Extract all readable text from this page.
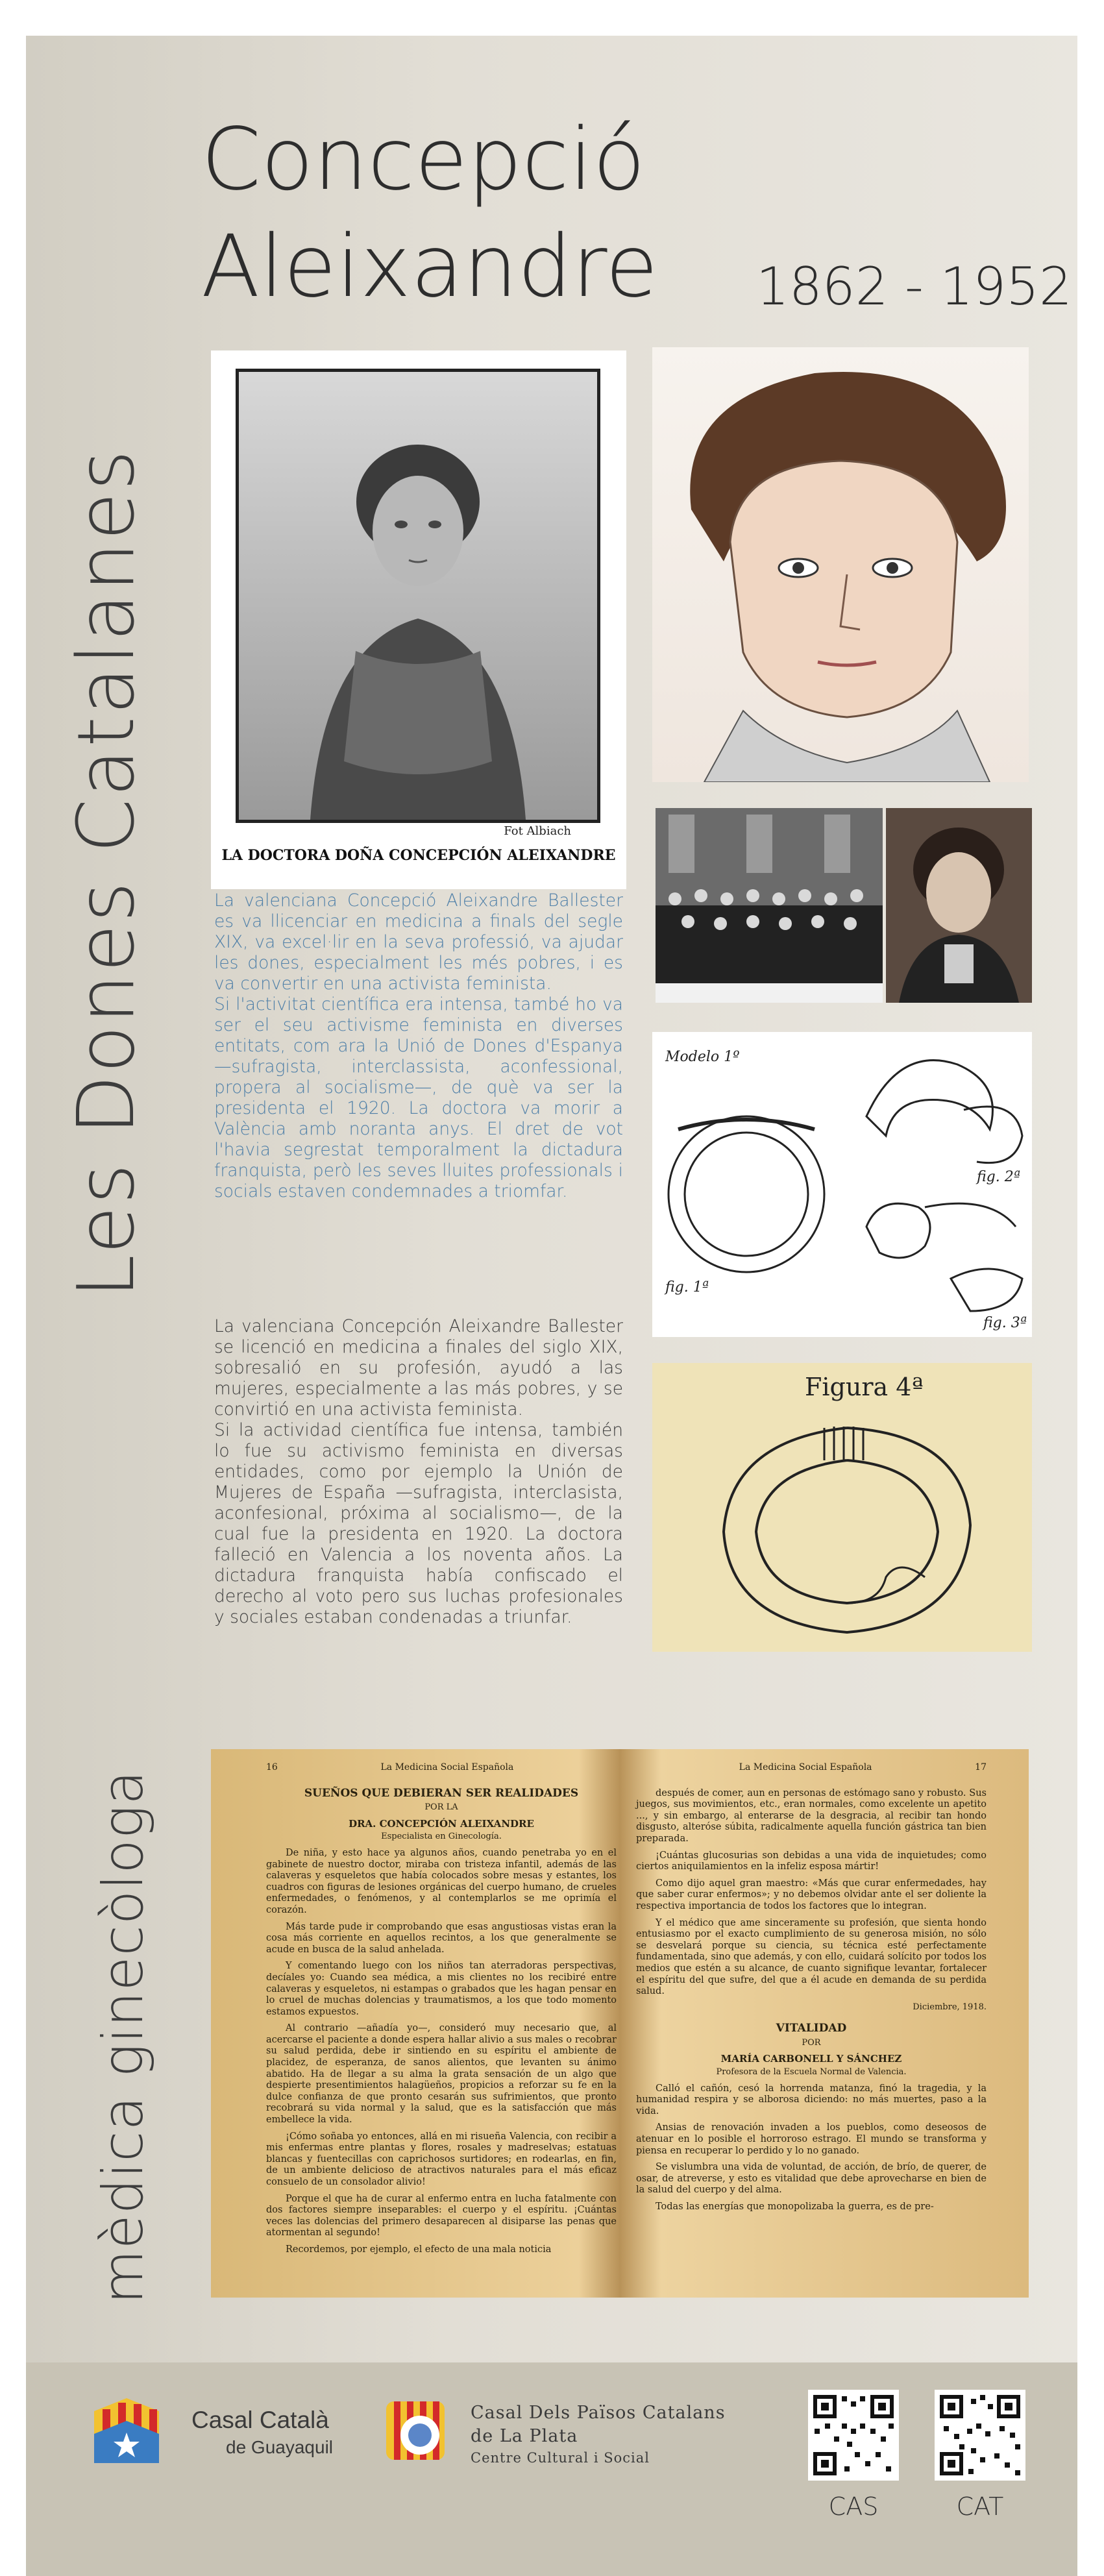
Les Dones Catalanes
mèdica ginecòloga
Concepció
Aleixandre 1862 - 1952
Fot Albiach
LA DOCTORA DOÑA CONCEPCIÓN ALEIXANDRE
Modelo 1º
fig. 1ª
fig. 2ª
fig. 3ª
Figura 4ª

La valenciana Concepció Aleixandre Ballester es va llicenciar en medicina a finals del segle XIX, va excel·lir en la seva professió, va ajudar les dones, especialment les més pobres, i es va convertir en una activista feminista.

Si l'activitat científica era intensa, també ho va ser el seu activisme feminista en diverses entitats, com ara la Unió de Dones d'Espanya —sufragista, interclassista, aconfessional, propera al socialisme—, de què va ser la presidenta el 1920. La doctora va morir a València amb noranta anys. El dret de vot l'havia segrestat temporalment la dictadura franquista, però les seves lluites professionals i socials estaven condemnades a triomfar.

La valenciana Concepción Aleixandre Ballester se licenció en medicina a finales del siglo XIX, sobresalió en su profesión, ayudó a las mujeres, especialmente a las más pobres, y se convirtió en una activista feminista.

Si la actividad científica fue intensa, también lo fue su activismo feminista en diversas entidades, como por ejemplo la Unión de Mujeres de España —sufragista, interclasista, aconfesional, próxima al socialismo—, de la cual fue la presidenta en 1920. La doctora falleció en Valencia a los noventa años. La dictadura franquista había confiscado el derecho al voto pero sus luchas profesionales y sociales estaban condenadas a triunfar.

16	La Medicina Social Española
SUEÑOS QUE DEBIERAN SER REALIDADES
POR LA
DRA. CONCEPCIÓN ALEIXANDRE
Especialista en Ginecología.

De niña, y esto hace ya algunos años, cuando penetraba yo en el gabinete de nuestro doctor, miraba con tristeza infantil, además de las calaveras y esqueletos que había colocados sobre mesas y estantes, los cuadros con figuras de lesiones orgánicas del cuerpo humano, de crueles enfermedades, o fenómenos, y al contemplarlos se me oprimía el corazón.

Más tarde pude ir comprobando que esas angustiosas vistas eran la cosa más corriente en aquellos recintos, a los que generalmente se acude en busca de la salud anhelada.

Y comentando luego con los niños tan aterradoras perspectivas, decíales yo: Cuando sea médica, a mis clientes no los recibiré entre calaveras y esqueletos, ni estampas o grabados que les hagan pensar en lo cruel de muchas dolencias y traumatismos, a los que todo momento estamos expuestos.

Al contrario —añadía yo—, consideró muy necesario que, al acercarse el paciente a donde espera hallar alivio a sus males o recobrar su salud perdida, debe ir sintiendo en su espíritu el ambiente de placidez, de esperanza, de sanos alientos, que levanten su ánimo abatido. Ha de llegar a su alma la grata sensación de un algo que despierte presentimientos halagüeños, propicios a reforzar su fe en la dulce confianza de que pronto cesarán sus sufrimientos, que pronto recobrará su vida normal y la salud, que es la satisfacción que más embellece la vida.

¡Cómo soñaba yo entonces, allá en mi risueña Valencia, con recibir a mis enfermas entre plantas y flores, rosales y madreselvas; estatuas blancas y fuentecillas con caprichosos surtidores; en rodearlas, en fin, de un ambiente delicioso de atractivos naturales para el más eficaz consuelo de un consolador alivio!

Porque el que ha de curar al enfermo entra en lucha fatalmente con dos factores siempre inseparables: el cuerpo y el espíritu. ¡Cuántas veces las dolencias del primero desaparecen al disiparse las penas que atormentan al segundo!

Recordemos, por ejemplo, el efecto de una mala noticia

La Medicina Social Española	17

después de comer, aun en personas de estómago sano y robusto. Sus juegos, sus movimientos, etc., eran normales, como excelente un apetito ..., y sin embargo, al enterarse de la desgracia, al recibir tan hondo disgusto, alteróse súbita, radicalmente aquella función gástrica tan bien preparada.

¡Cuántas glucosurias son debidas a una vida de inquietudes; como ciertos aniquilamientos en la infeliz esposa mártir!

Como dijo aquel gran maestro: «Más que curar enfermedades, hay que saber curar enfermos»; y no debemos olvidar ante el ser doliente la respectiva importancia de todos los factores que lo integran.

Y el médico que ame sinceramente su profesión, que sienta hondo entusiasmo por el exacto cumplimiento de su generosa misión, no sólo se desvelará porque su ciencia, su técnica esté perfectamente fundamentada, sino que además, y con ello, cuidará solícito por todos los medios que estén a su alcance, de cuanto signifique levantar, fortalecer el espíritu del que sufre, del que a él acude en demanda de su perdida salud.

Diciembre, 1918.
VITALIDAD
POR
MARÍA CARBONELL Y SÁNCHEZ
Profesora de la Escuela Normal de Valencia.

Calló el cañón, cesó la horrenda matanza, finó la tragedia, y la humanidad respira y se alborosa diciendo: no más muertes, paso a la vida.

Ansias de renovación invaden a los pueblos, como deseosos de atenuar en lo posible el horroroso estrago. El mundo se transforma y piensa en recuperar lo perdido y lo no ganado.

Se vislumbra una vida de voluntad, de acción, de brío, de querer, de osar, de atreverse, y esto es vitalidad que debe aprovecharse en bien de la salud del cuerpo y del alma.

Todas las energías que monopolizaba la guerra, es de pre-

Casal Català
de Guayaquil
Casal Dels Països Catalans
de La Plata
Centre Cultural i Social
CAS	CAT
